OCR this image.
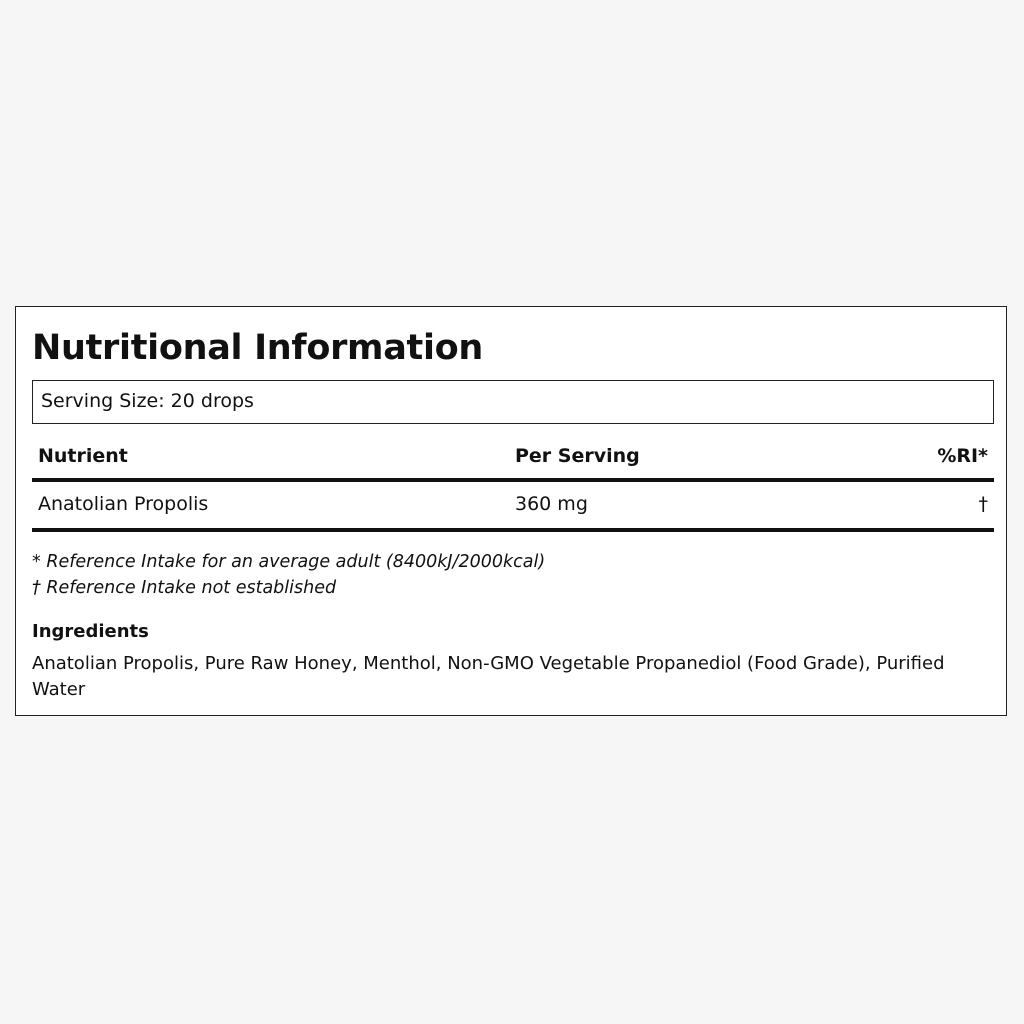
Nutritional Information
Serving Size: 20 drops
Nutrient	Per Serving	%RI*
Anatolian Propolis	360 mg	†
* Reference Intake for an average adult (8400kJ/2000kcal)
† Reference Intake not established
Ingredients
Anatolian Propolis, Pure Raw Honey, Menthol, Non-GMO Vegetable Propanediol (Food Grade), Purified Water
